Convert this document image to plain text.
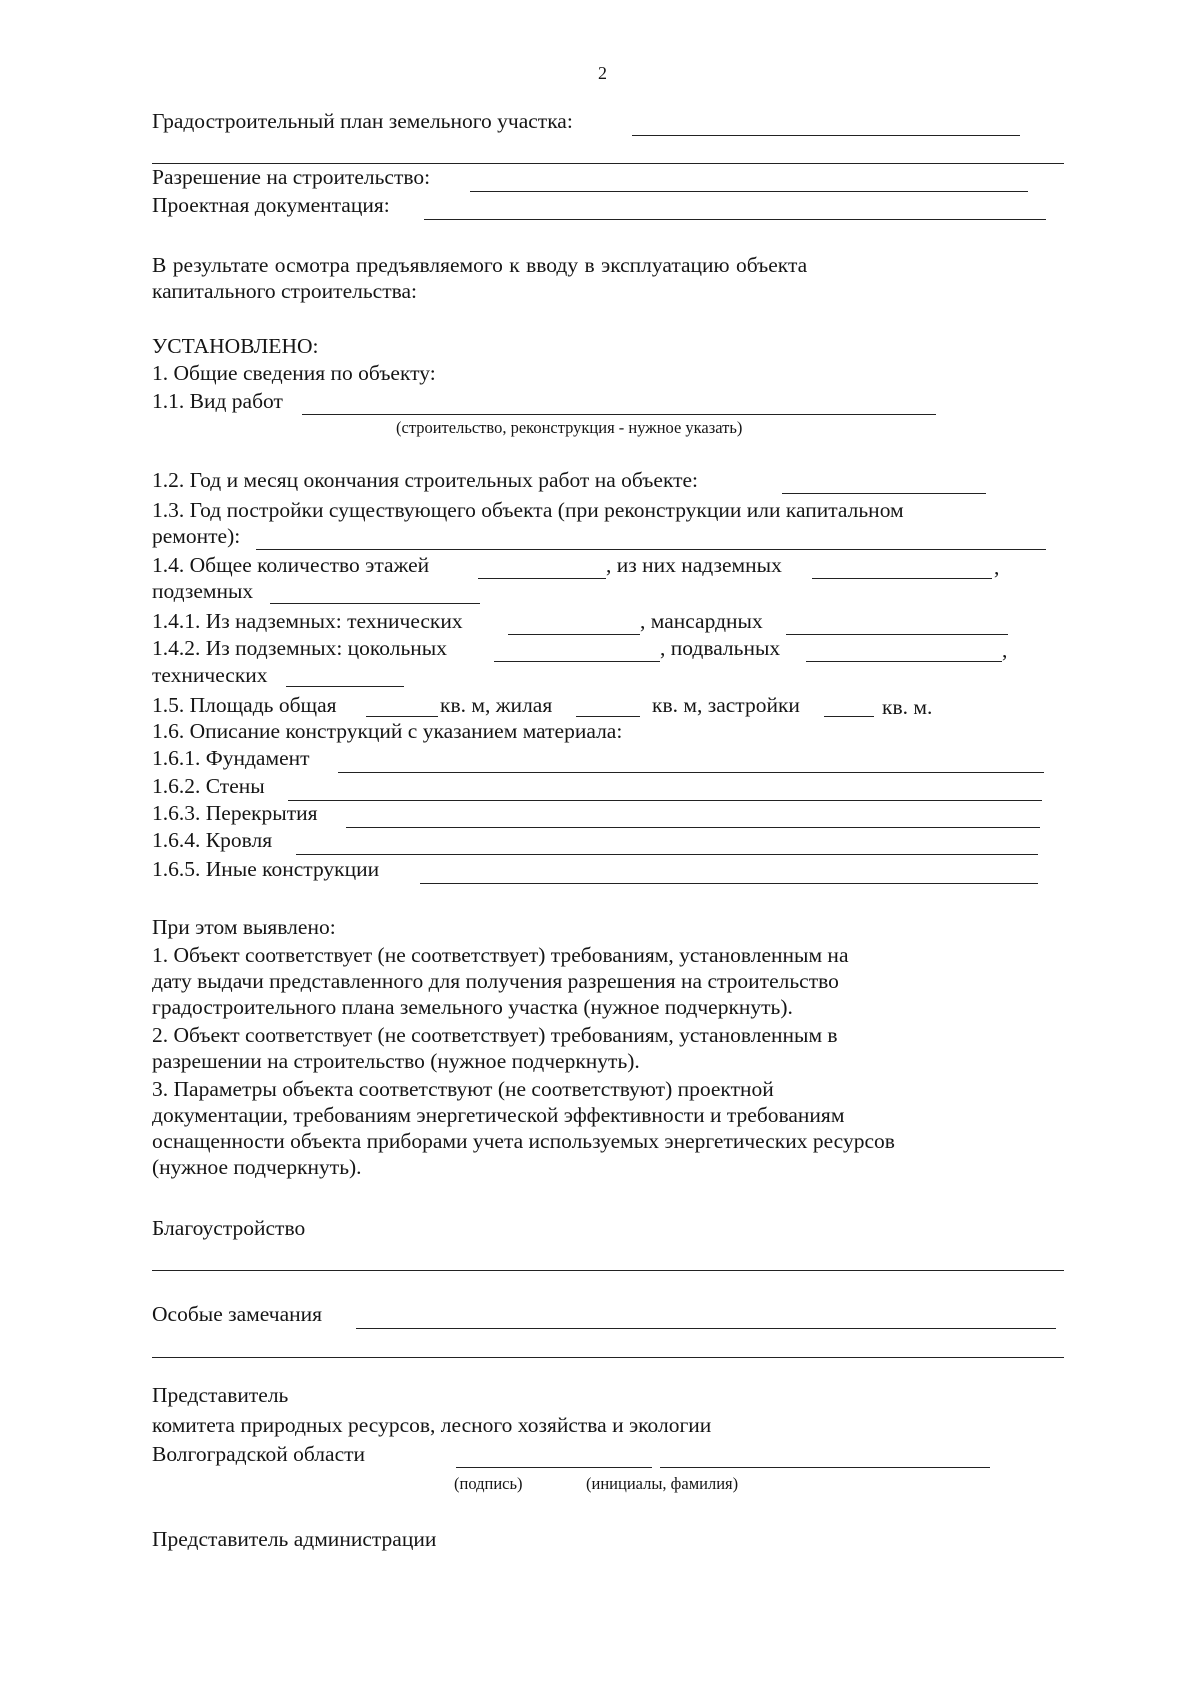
2
Градостроительный план земельного участка:
Разрешение на строительство:
Проектная документация:
В результате осмотра предъявляемого к вводу в эксплуатацию объекта
капитального строительства:
УСТАНОВЛЕНО:
1. Общие сведения по объекту:
1.1. Вид работ
(строительство, реконструкция - нужное указать)
1.2. Год и месяц окончания строительных работ на объекте:
1.3. Год постройки существующего объекта (при реконструкции или капитальном
ремонте):
1.4. Общее количество этажей	, из них надземных	,
подземных
1.4.1. Из надземных: технических	, мансардных
1.4.2. Из подземных: цокольных	, подвальных	,
технических
1.5. Площадь общая	кв. м, жилая	кв. м, застройки	кв. м.
1.6. Описание конструкций с указанием материала:
1.6.1. Фундамент
1.6.2. Стены
1.6.3. Перекрытия
1.6.4. Кровля
1.6.5. Иные конструкции
При этом выявлено:
1. Объект соответствует (не соответствует) требованиям, установленным на
дату выдачи представленного для получения разрешения на строительство
градостроительного плана земельного участка (нужное подчеркнуть).
2. Объект соответствует (не соответствует) требованиям, установленным в
разрешении на строительство (нужное подчеркнуть).
3. Параметры объекта соответствуют (не соответствуют) проектной
документации, требованиям энергетической эффективности и требованиям
оснащенности объекта приборами учета используемых энергетических ресурсов
(нужное подчеркнуть).
Благоустройство
Особые замечания
Представитель
комитета природных ресурсов, лесного хозяйства и экологии
Волгоградской области
(подпись)	(инициалы, фамилия)
Представитель администрации
